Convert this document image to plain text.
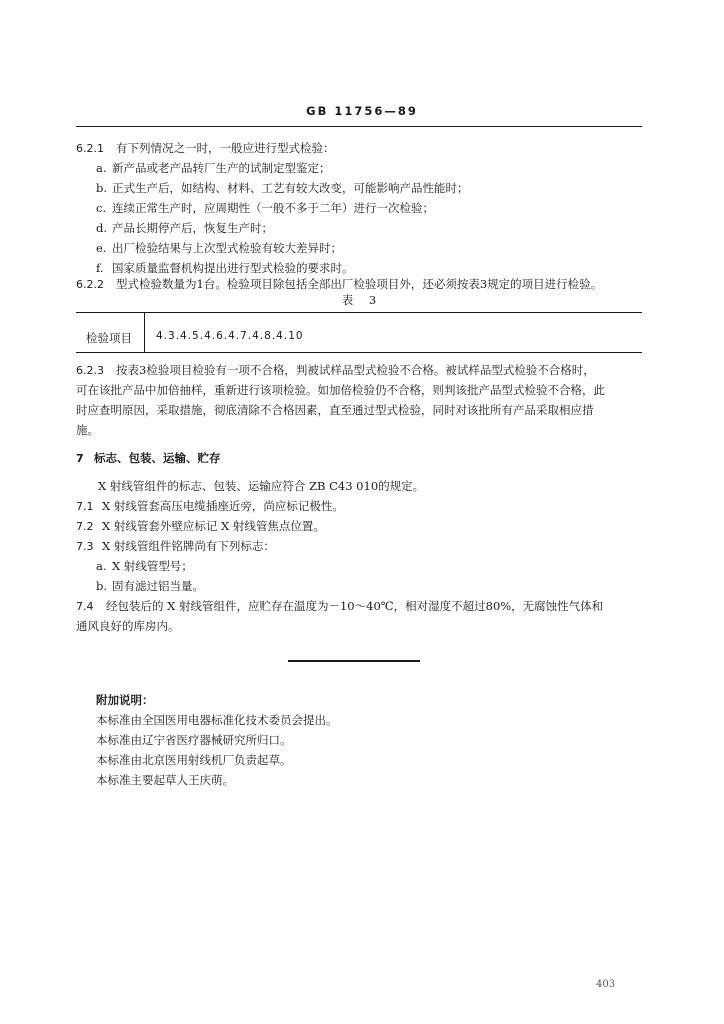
GB 11756—89
6.2.1 有下列情况之一时，一般应进行型式检验：
a. 新产品或老产品转厂生产的试制定型鉴定；
b. 正式生产后，如结构、材料、工艺有较大改变，可能影响产品性能时；
c. 连续正常生产时，应周期性（一般不多于二年）进行一次检验；
d. 产品长期停产后，恢复生产时；
e. 出厂检验结果与上次型式检验有较大差异时；
f. 国家质量监督机构提出进行型式检验的要求时。
6.2.2 型式检验数量为1台。检验项目除包括全部出厂检验项目外，还必须按表3规定的项目进行检验。
表 3
检验项目 4.3.4.5.4.6.4.7.4.8.4.10
6.2.3 按表3检验项目检验有一项不合格，判被试样品型式检验不合格。被试样品型式检验不合格时，
可在该批产品中加倍抽样，重新进行该项检验。如加倍检验仍不合格，则判该批产品型式检验不合格，此
时应查明原因，采取措施，彻底清除不合格因素，直至通过型式检验，同时对该批所有产品采取相应措
施。
7 标志、包装、运输、贮存
X 射线管组件的标志、包装、运输应符合 ZB C43 010的规定。
7.1 X 射线管套高压电缆插座近旁，尚应标记极性。
7.2 X 射线管套外壁应标记 X 射线管焦点位置。
7.3 X 射线管组件铭牌尚有下列标志：
a. X 射线管型号；
b. 固有滤过铝当量。
7.4 经包装后的 X 射线管组件，应贮存在温度为－10～40℃，相对湿度不超过80%，无腐蚀性气体和
通风良好的库房内。
附加说明：
本标准由全国医用电器标准化技术委员会提出。
本标准由辽宁省医疗器械研究所归口。
本标准由北京医用射线机厂负责起草。
本标准主要起草人王庆萌。
403
